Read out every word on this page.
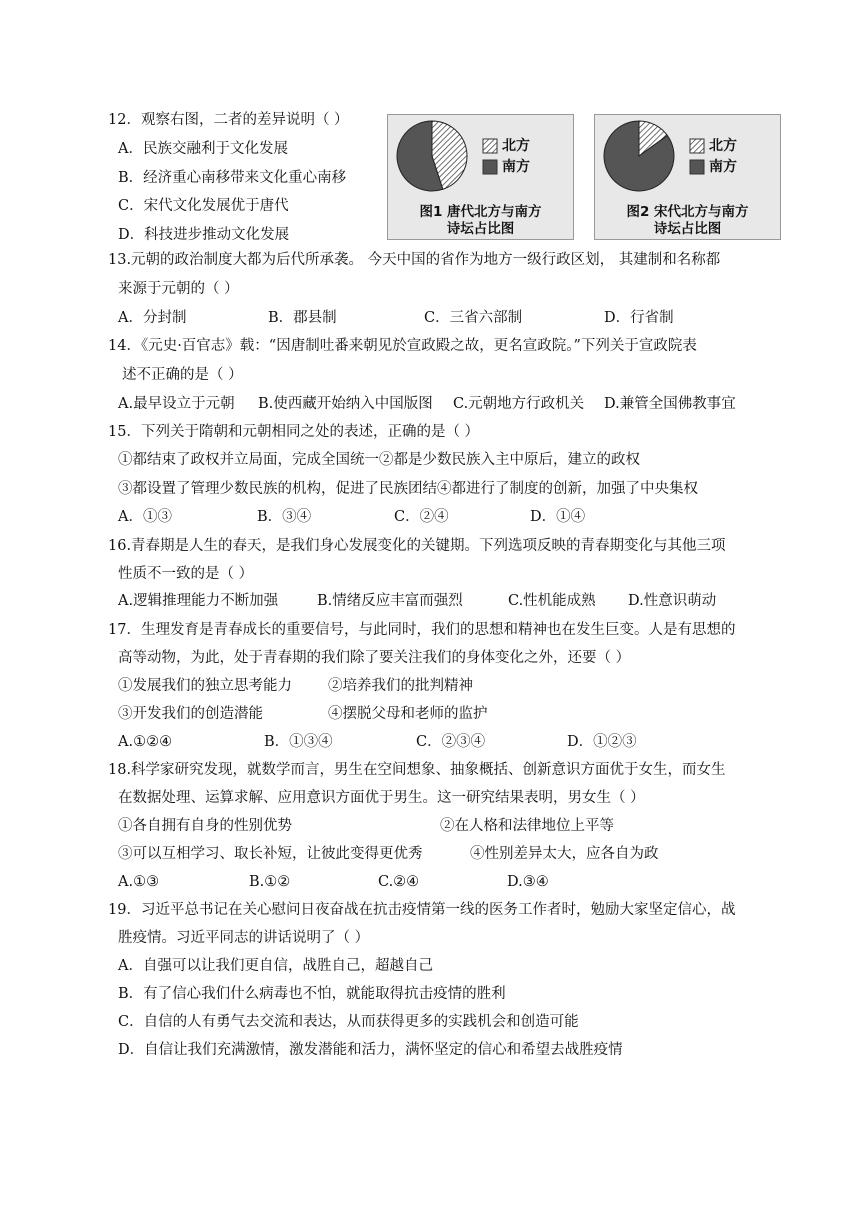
12．观察右图，二者的差异说明（ ）
A．民族交融利于文化发展
B．经济重心南移带来文化重心南移
C．宋代文化发展优于唐代
D．科技进步推动文化发展
北方
南方
图1 唐代北方与南方
诗坛占比图
北方
南方
图2 宋代北方与南方
诗坛占比图
13.元朝的政治制度大都为后代所承袭。 今天中国的省作为地方一级行政区划， 其建制和名称都
来源于元朝的（ ）
A．分封制	B．郡县制	C．三省六部制	D．行省制
14．《元史·百官志》载：“因唐制吐番来朝见於宣政殿之故，更名宣政院。”下列关于宣政院表
述不正确的是（ ）
A.最早设立于元朝 B.使西藏开始纳入中国版图 C.元朝地方行政机关 D.兼管全国佛教事宜
15．下列关于隋朝和元朝相同之处的表述，正确的是（ ）
①都结束了政权并立局面，完成全国统一②都是少数民族入主中原后，建立的政权
③都设置了管理少数民族的机构，促进了民族团结④都进行了制度的创新，加强了中央集权
A．①③	B．③④	C．②④	D．①④
16.青春期是人生的春天，是我们身心发展变化的关键期。下列选项反映的青春期变化与其他三项
性质不一致的是（ ）
A.逻辑推理能力不断加强	B.情绪反应丰富而强烈	C.性机能成熟 D.性意识萌动
17．生理发育是青春成长的重要信号，与此同时，我们的思想和精神也在发生巨变。人是有思想的
高等动物，为此，处于青春期的我们除了要关注我们的身体变化之外，还要（ ）
①发展我们的独立思考能力 ②培养我们的批判精神
③开发我们的创造潜能	④摆脱父母和老师的监护
A.①②④	B．①③④	C．②③④	D．①②③
18.科学家研究发现，就数学而言，男生在空间想象、抽象概括、创新意识方面优于女生，而女生
在数据处理、运算求解、应用意识方面优于男生。这一研究结果表明，男女生（ ）
①各自拥有自身的性别优势	②在人格和法律地位上平等
③可以互相学习、取长补短，让彼此变得更优秀	④性别差异太大，应各自为政
A.①③	B.①②	C.②④	D.③④
19．习近平总书记在关心慰问日夜奋战在抗击疫情第一线的医务工作者时，勉励大家坚定信心，战
胜疫情。习近平同志的讲话说明了（ ）
A．自强可以让我们更自信，战胜自己，超越自己
B．有了信心我们什么病毒也不怕，就能取得抗击疫情的胜利
C．自信的人有勇气去交流和表达，从而获得更多的实践机会和创造可能
D．自信让我们充满激情，激发潜能和活力，满怀坚定的信心和希望去战胜疫情
